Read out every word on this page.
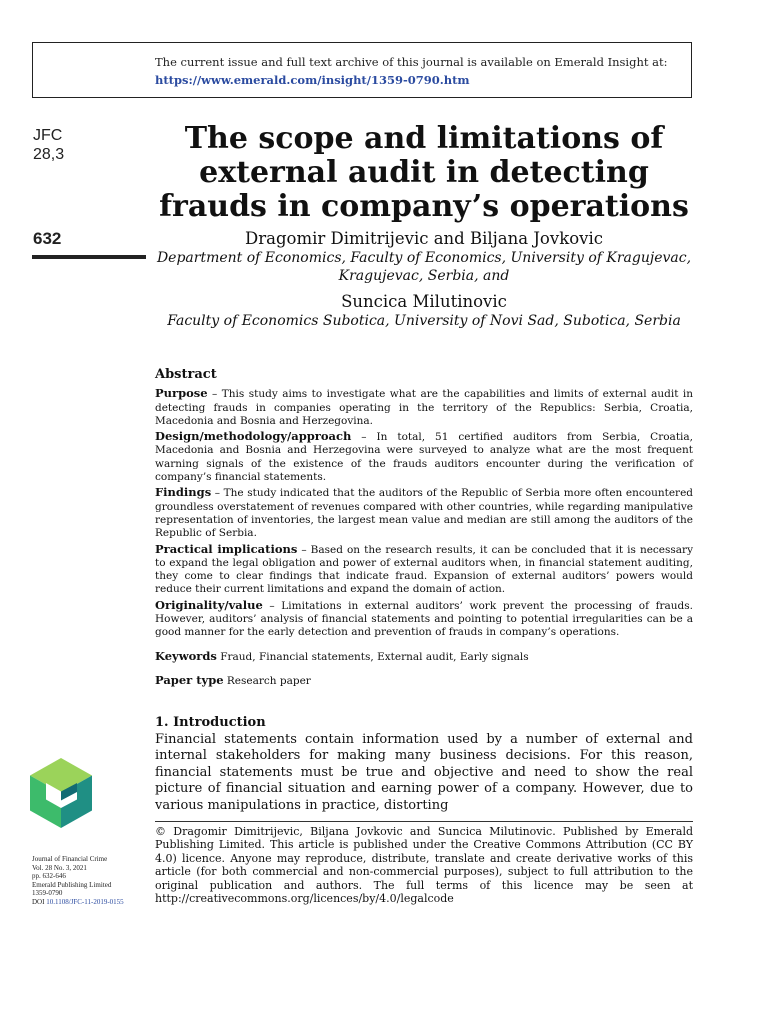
The current issue and full text archive of this journal is available on Emerald Insight at:
https://www.emerald.com/insight/1359-0790.htm
JFC
28,3
632
The scope and limitations of external audit in detecting frauds in company’s operations
Dragomir Dimitrijevic and Biljana Jovkovic
Department of Economics, Faculty of Economics, University of Kragujevac, Kragujevac, Serbia, and
Suncica Milutinovic
Faculty of Economics Subotica, University of Novi Sad, Subotica, Serbia
Abstract

Purpose – This study aims to investigate what are the capabilities and limits of external audit in detecting frauds in companies operating in the territory of the Republics: Serbia, Croatia, Macedonia and Bosnia and Herzegovina.

Design/methodology/approach – In total, 51 certified auditors from Serbia, Croatia, Macedonia and Bosnia and Herzegovina were surveyed to analyze what are the most frequent warning signals of the existence of the frauds auditors encounter during the verification of company’s financial statements.

Findings – The study indicated that the auditors of the Republic of Serbia more often encountered groundless overstatement of revenues compared with other countries, while regarding manipulative representation of inventories, the largest mean value and median are still among the auditors of the Republic of Serbia.

Practical implications – Based on the research results, it can be concluded that it is necessary to expand the legal obligation and power of external auditors when, in financial statement auditing, they come to clear findings that indicate fraud. Expansion of external auditors’ powers would reduce their current limitations and expand the domain of action.

Originality/value – Limitations in external auditors’ work prevent the processing of frauds. However, auditors’ analysis of financial statements and pointing to potential irregularities can be a good manner for the early detection and prevention of frauds in company’s operations.

Keywords Fraud, Financial statements, External audit, Early signals

Paper type Research paper

1. Introduction

Financial statements contain information used by a number of external and internal stakeholders for making many business decisions. For this reason, financial statements must be true and objective and need to show the real picture of financial situation and earning power of a company. However, due to various manipulations in practice, distorting

© Dragomir Dimitrijevic, Biljana Jovkovic and Suncica Milutinovic. Published by Emerald Publishing Limited. This article is published under the Creative Commons Attribution (CC BY 4.0) licence. Anyone may reproduce, distribute, translate and create derivative works of this article (for both commercial and non-commercial purposes), subject to full attribution to the original publication and authors. The full terms of this licence may be seen at http://creativecommons.org/licences/by/4.0/legalcode

Journal of Financial Crime
Vol. 28 No. 3, 2021
pp. 632-646
Emerald Publishing Limited
1359-0790
DOI 10.1108/JFC-11-2019-0155
